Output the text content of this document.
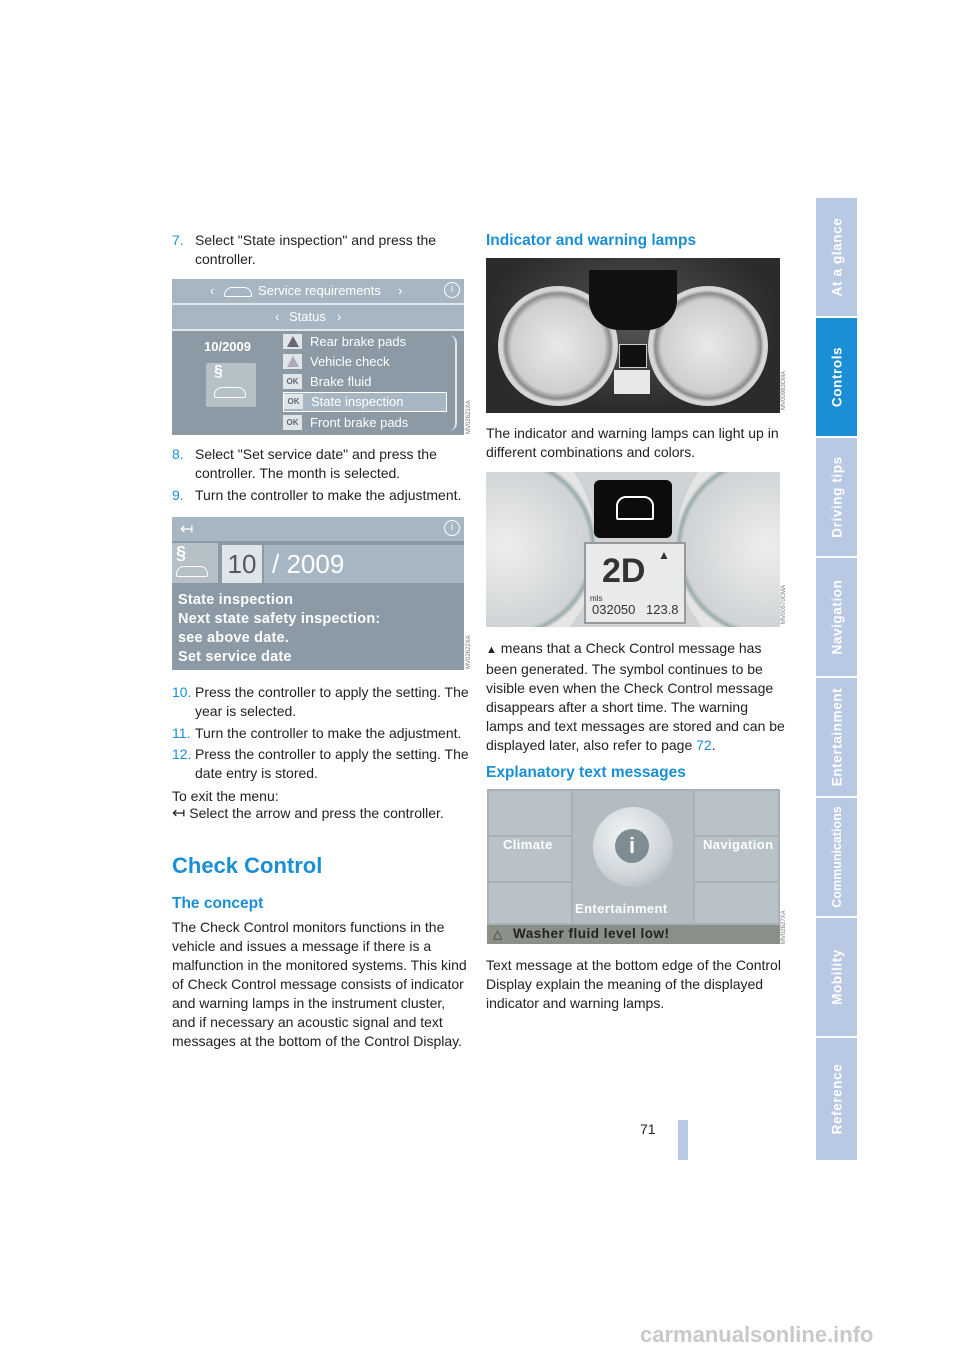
At a glance
Controls
Driving tips
Navigation
Entertainment
Communications
Mobility
Reference
7. Select "State inspection" and press the controller.
‹	Service requirements ›	i
‹ Status ›
10/2009
§
Rear brake pads
Vehicle check
OK Brake fluid
OK State inspection
OK Front brake pads	MV02621XA
8. Select "Set service date" and press the controller. The month is selected.
9. Turn the controller to make the adjustment.
↤	i
§ 10 / 2009
State inspection
Next state safety inspection:
see above date.
Set service date	MV02622XA
10. Press the controller to apply the setting. The year is selected.
11. Turn the controller to make the adjustment.
12. Press the controller to apply the setting. The date entry is stored.
To exit the menu:
↤ Select the arrow and press the controller.
Check Control
The concept
The Check Control monitors functions in the vehicle and issues a message if there is a malfunction in the monitored systems. This kind of Check Control message consists of indicator and warning lamps in the instrument cluster, and if necessary an acoustic signal and text messages at the bottom of the Control Display.
Indicator and warning lamps
MV00983CMA
The indicator and warning lamps can light up in different combinations and colors.
2D ▲
mls
032050 123.8	MV00970CMA
▲ means that a Check Control message has been generated. The symbol continues to be visible even when the Check Control message disappears after a short time. The warning lamps and text messages are stored and can be displayed later, also refer to page 72.
Explanatory text messages
i
Climate	Navigation
Entertainment
△ Washer fluid level low!	MV02627XA
Text message at the bottom edge of the Control Display explain the meaning of the displayed indicator and warning lamps.
71
carmanualsonline.info
